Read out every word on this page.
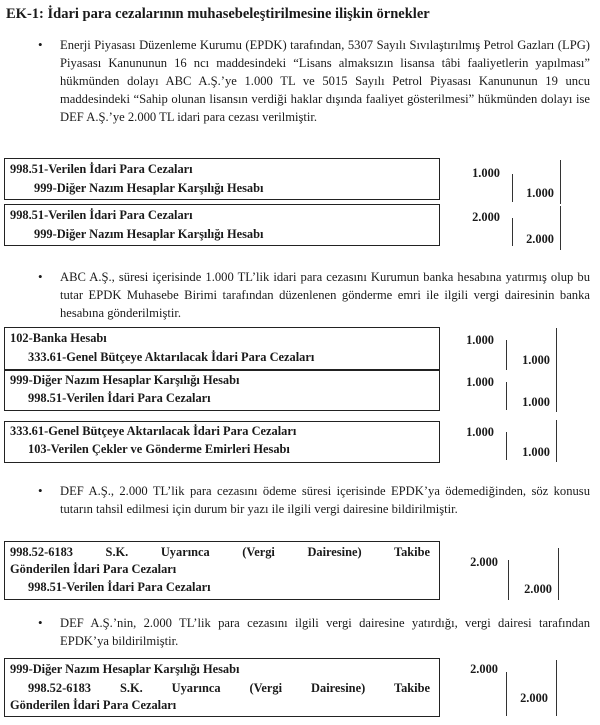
EK-1: İdari para cezalarının muhasebeleştirilmesine ilişkin örnekler
• Enerji Piyasası Düzenleme Kurumu (EPDK) tarafından, 5307 Sayılı Sıvılaştırılmış Petrol Gazları (LPG) Piyasası Kanununun 16 ncı maddesindeki “Lisans almaksızın lisansa tâbi faaliyetlerin yapılması” hükmünden dolayı ABC A.Ş.’ye 1.000 TL ve 5015 Sayılı Petrol Piyasası Kanununun 19 uncu maddesindeki “Sahip olunan lisansın verdiği haklar dışında faaliyet gösterilmesi” hükmünden dolayı ise DEF A.Ş.’ye 2.000 TL idari para cezası verilmiştir.
998.51-Verilen İdari Para Cezaları
999-Diğer Nazım Hesaplar Karşılığı Hesabı
1.000
1.000
998.51-Verilen İdari Para Cezaları
999-Diğer Nazım Hesaplar Karşılığı Hesabı
2.000
2.000
• ABC A.Ş., süresi içerisinde 1.000 TL’lik idari para cezasını Kurumun banka hesabına yatırmış olup bu tutar EPDK Muhasebe Birimi tarafından düzenlenen gönderme emri ile ilgili vergi dairesinin banka hesabına gönderilmiştir.
102-Banka Hesabı
333.61-Genel Bütçeye Aktarılacak İdari Para Cezaları
1.000
1.000
999-Diğer Nazım Hesaplar Karşılığı Hesabı
998.51-Verilen İdari Para Cezaları
1.000
1.000
333.61-Genel Bütçeye Aktarılacak İdari Para Cezaları
103-Verilen Çekler ve Gönderme Emirleri Hesabı
1.000
1.000
• DEF A.Ş., 2.000 TL’lik para cezasını ödeme süresi içerisinde EPDK’ya ödemediğinden, söz konusu tutarın tahsil edilmesi için durum bir yazı ile ilgili vergi dairesine bildirilmiştir.
998.52-6183 S.K. Uyarınca (Vergi Dairesine) Takibe
Gönderilen İdari Para Cezaları
998.51-Verilen İdari Para Cezaları
2.000
2.000
• DEF A.Ş.’nin, 2.000 TL’lik para cezasını ilgili vergi dairesine yatırdığı, vergi dairesi tarafından EPDK’ya bildirilmiştir.
999-Diğer Nazım Hesaplar Karşılığı Hesabı
998.52-6183 S.K. Uyarınca (Vergi Dairesine) Takibe
Gönderilen İdari Para Cezaları
2.000
2.000
